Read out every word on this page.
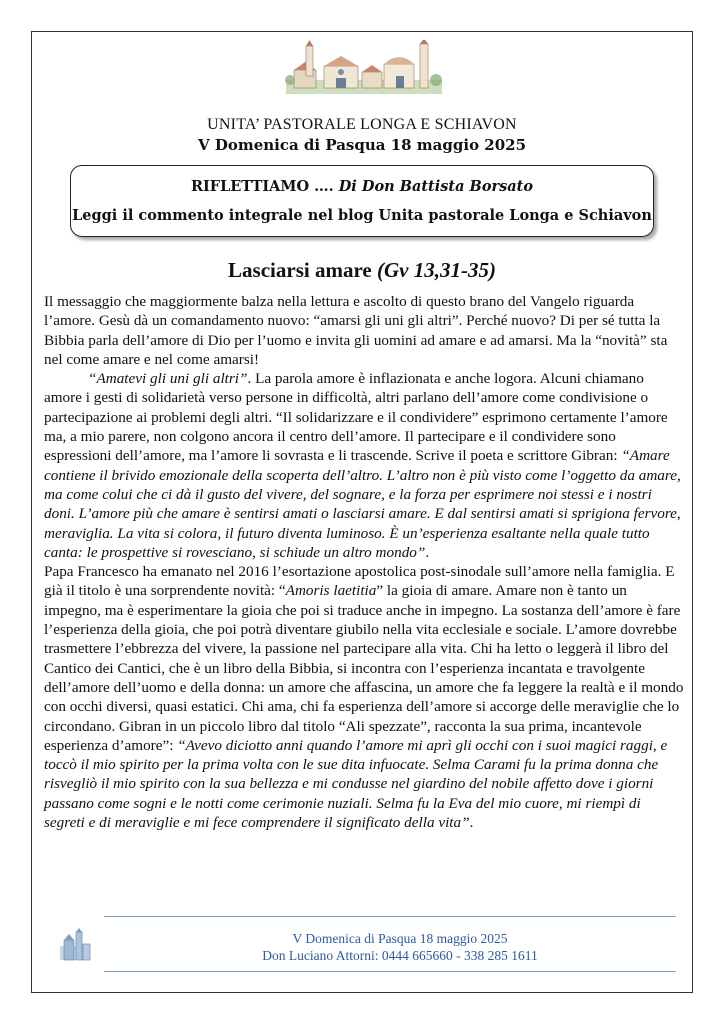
UNITA’ PASTORALE LONGA E SCHIAVON
V Domenica di Pasqua 18 maggio 2025
RIFLETTIAMO …. Di Don Battista Borsato
Leggi il commento integrale nel blog Unita pastorale Longa e Schiavon
Lasciarsi amare (Gv 13,31-35)

Il messaggio che maggiormente balza nella lettura e ascolto di questo brano del Vangelo riguarda l’amore. Gesù dà un comandamento nuovo: “amarsi gli uni gli altri”. Perché nuovo? Di per sé tutta la Bibbia parla dell’amore di Dio per l’uomo e invita gli uomini ad amare e ad amarsi. Ma la “novità” sta nel come amare e nel come amarsi!

“Amatevi gli uni gli altri”. La parola amore è inflazionata e anche logora. Alcuni chiamano amore i gesti di solidarietà verso persone in difficoltà, altri parlano dell’amore come condivisione o partecipazione ai problemi degli altri. “Il solidarizzare e il condividere” esprimono certamente l’amore ma, a mio parere, non colgono ancora il centro dell’amore. Il partecipare e il condividere sono espressioni dell’amore, ma l’amore li sovrasta e li trascende. Scrive il poeta e scrittore Gibran: “Amare contiene il brivido emozionale della scoperta dell’altro. L’altro non è più visto come l’oggetto da amare, ma come colui che ci dà il gusto del vivere, del sognare, e la forza per esprimere noi stessi e i nostri doni. L’amore più che amare è sentirsi amati o lasciarsi amare. E dal sentirsi amati si sprigiona fervore, meraviglia. La vita si colora, il futuro diventa luminoso. È un’esperienza esaltante nella quale tutto canta: le prospettive si rovesciano, si schiude un altro mondo”.

Papa Francesco ha emanato nel 2016 l’esortazione apostolica post-sinodale sull’amore nella famiglia. E già il titolo è una sorprendente novità: “Amoris laetitia” la gioia di amare. Amare non è tanto un impegno, ma è esperimentare la gioia che poi si traduce anche in impegno. La sostanza dell’amore è fare l’esperienza della gioia, che poi potrà diventare giubilo nella vita ecclesiale e sociale. L’amore dovrebbe trasmettere l’ebbrezza del vivere, la passione nel partecipare alla vita. Chi ha letto o leggerà il libro del Cantico dei Cantici, che è un libro della Bibbia, si incontra con l’esperienza incantata e travolgente dell’amore dell’uomo e della donna: un amore che affascina, un amore che fa leggere la realtà e il mondo con occhi diversi, quasi estatici. Chi ama, chi fa esperienza dell’amore si accorge delle meraviglie che lo circondano. Gibran in un piccolo libro dal titolo “Ali spezzate”, racconta la sua prima, incantevole esperienza d’amore”: “Avevo diciotto anni quando l’amore mi aprì gli occhi con i suoi magici raggi, e toccò il mio spirito per la prima volta con le sue dita infuocate. Selma Carami fu la prima donna che risvegliò il mio spirito con la sua bellezza e mi condusse nel giardino del nobile affetto dove i giorni passano come sogni e le notti come cerimonie nuziali. Selma fu la Eva del mio cuore, mi riempì di segreti e di meraviglie e mi fece comprendere il significato della vita”.

V Domenica di Pasqua 18 maggio 2025
Don Luciano Attorni: 0444 665660 - 338 285 1611
